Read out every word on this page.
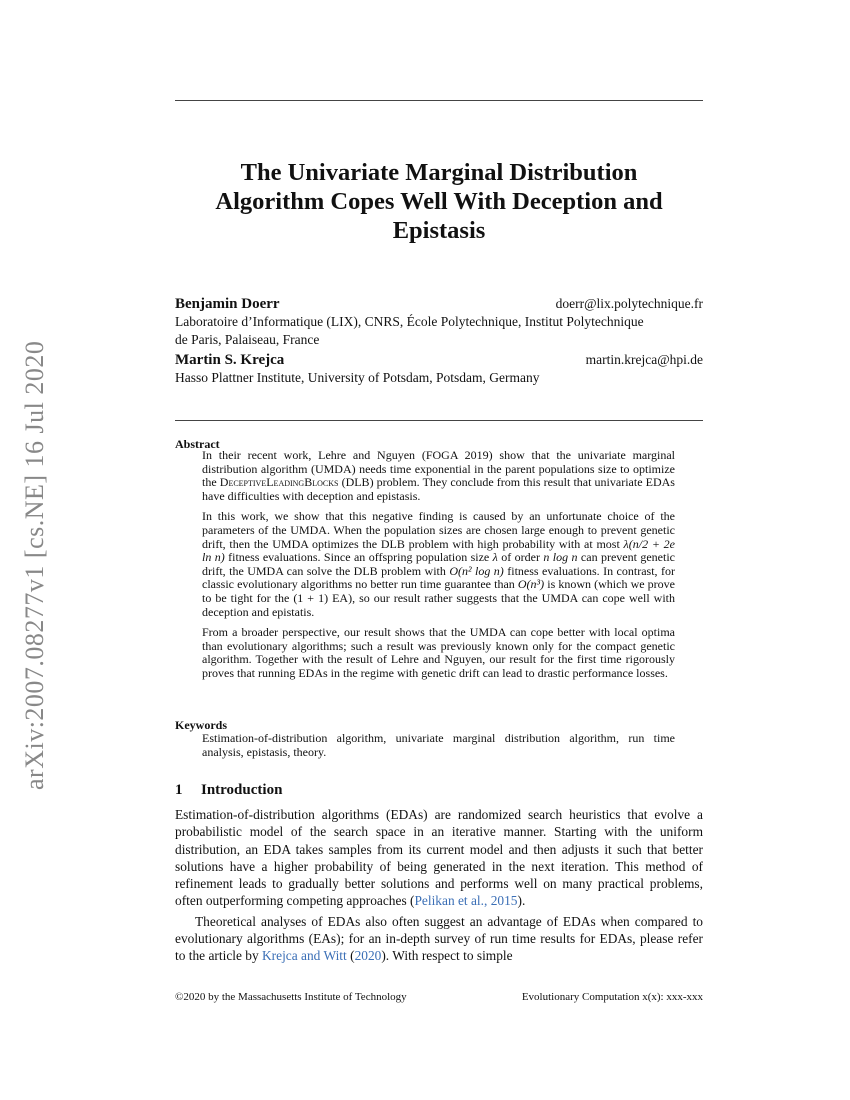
arXiv:2007.08277v1 [cs.NE] 16 Jul 2020
The Univariate Marginal Distribution
Algorithm Copes Well With Deception and
Epistasis
Benjamin Doerr	doerr@lix.polytechnique.fr
Laboratoire d’Informatique (LIX), CNRS, École Polytechnique, Institut Polytechnique
de Paris, Palaiseau, France
Martin S. Krejca	martin.krejca@hpi.de
Hasso Plattner Institute, University of Potsdam, Potsdam, Germany
Abstract

In their recent work, Lehre and Nguyen (FOGA 2019) show that the univariate marginal distribution algorithm (UMDA) needs time exponential in the parent populations size to optimize the DeceptiveLeadingBlocks (DLB) problem. They conclude from this result that univariate EDAs have difficulties with deception and epistasis.

In this work, we show that this negative finding is caused by an unfortunate choice of the parameters of the UMDA. When the population sizes are chosen large enough to prevent genetic drift, then the UMDA optimizes the DLB problem with high probability with at most λ(n/2 + 2e ln n) fitness evaluations. Since an offspring population size λ of order n log n can prevent genetic drift, the UMDA can solve the DLB problem with O(n² log n) fitness evaluations. In contrast, for classic evolutionary algorithms no better run time guarantee than O(n³) is known (which we prove to be tight for the (1 + 1) EA), so our result rather suggests that the UMDA can cope well with deception and epistatis.

From a broader perspective, our result shows that the UMDA can cope better with local optima than evolutionary algorithms; such a result was previously known only for the compact genetic algorithm. Together with the result of Lehre and Nguyen, our result for the first time rigorously proves that running EDAs in the regime with genetic drift can lead to drastic performance losses.

Keywords
Estimation-of-distribution algorithm, univariate marginal distribution algorithm, run time analysis, epistasis, theory.
1 Introduction

Estimation-of-distribution algorithms (EDAs) are randomized search heuristics that evolve a probabilistic model of the search space in an iterative manner. Starting with the uniform distribution, an EDA takes samples from its current model and then adjusts it such that better solutions have a higher probability of being generated in the next iteration. This method of refinement leads to gradually better solutions and performs well on many practical problems, often outperforming competing approaches (Pelikan et al., 2015).

Theoretical analyses of EDAs also often suggest an advantage of EDAs when compared to evolutionary algorithms (EAs); for an in-depth survey of run time results for EDAs, please refer to the article by Krejca and Witt (2020). With respect to simple

©2020 by the Massachusetts Institute of Technology	Evolutionary Computation x(x): xxx-xxx
